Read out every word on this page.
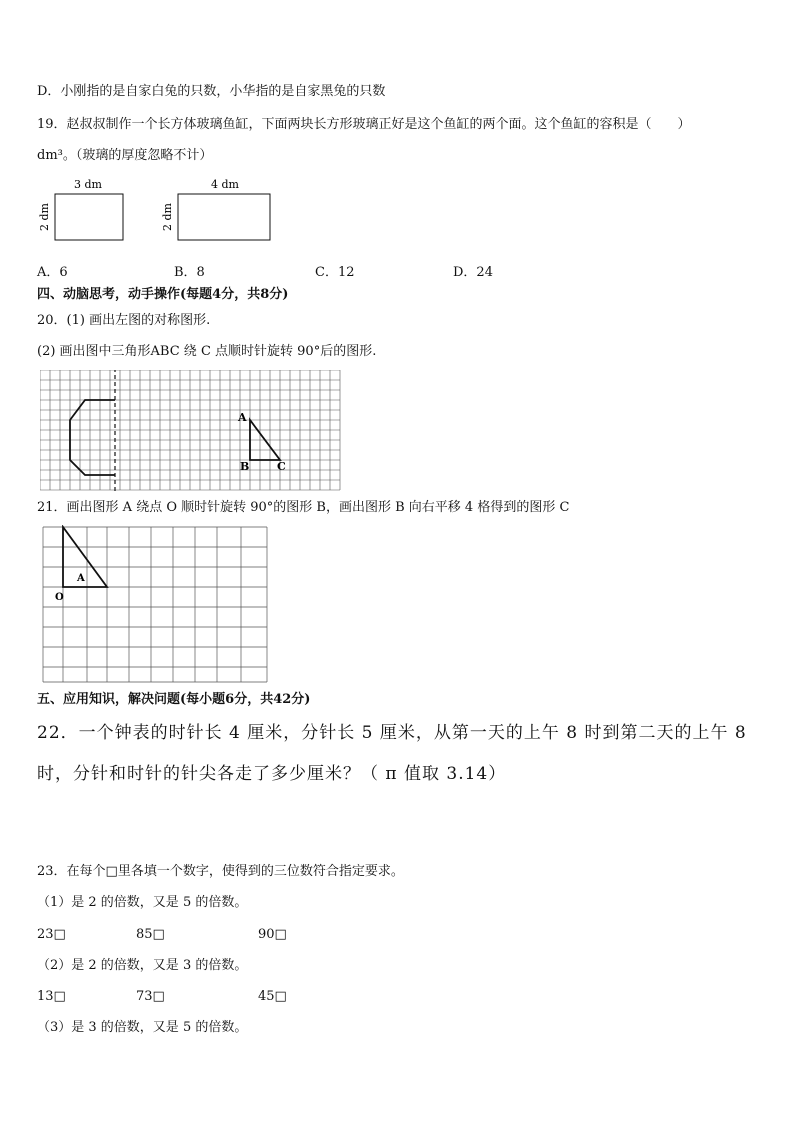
D．小刚指的是自家白兔的只数，小华指的是自家黑兔的只数
19．赵叔叔制作一个长方体玻璃鱼缸，下面两块长方形玻璃正好是这个鱼缸的两个面。这个鱼缸的容积是（　　）
dm³。（玻璃的厚度忽略不计）
3 dm
2 dm
4 dm
2 dm
A．6	B．8	C．12	D．24
四、动脑思考，动手操作(每题4分，共8分)
20．(1) 画出左图的对称图形.
(2) 画出图中三角形ABC 绕 C 点顺时针旋转 90°后的图形.
A
B	C
21．画出图形 A 绕点 O 顺时针旋转 90°的图形 B，画出图形 B 向右平移 4 格得到的图形 C
A
O
五、应用知识，解决问题(每小题6分，共42分)
22．一个钟表的时针长 4 厘米，分针长 5 厘米，从第一天的上午 8 时到第二天的上午 8
时，分针和时针的针尖各走了多少厘米？（ π 值取 3.14）
23．在每个□里各填一个数字，使得到的三位数符合指定要求。
（1）是 2 的倍数，又是 5 的倍数。
23□	85□	90□
（2）是 2 的倍数，又是 3 的倍数。
13□	73□	45□
（3）是 3 的倍数，又是 5 的倍数。
